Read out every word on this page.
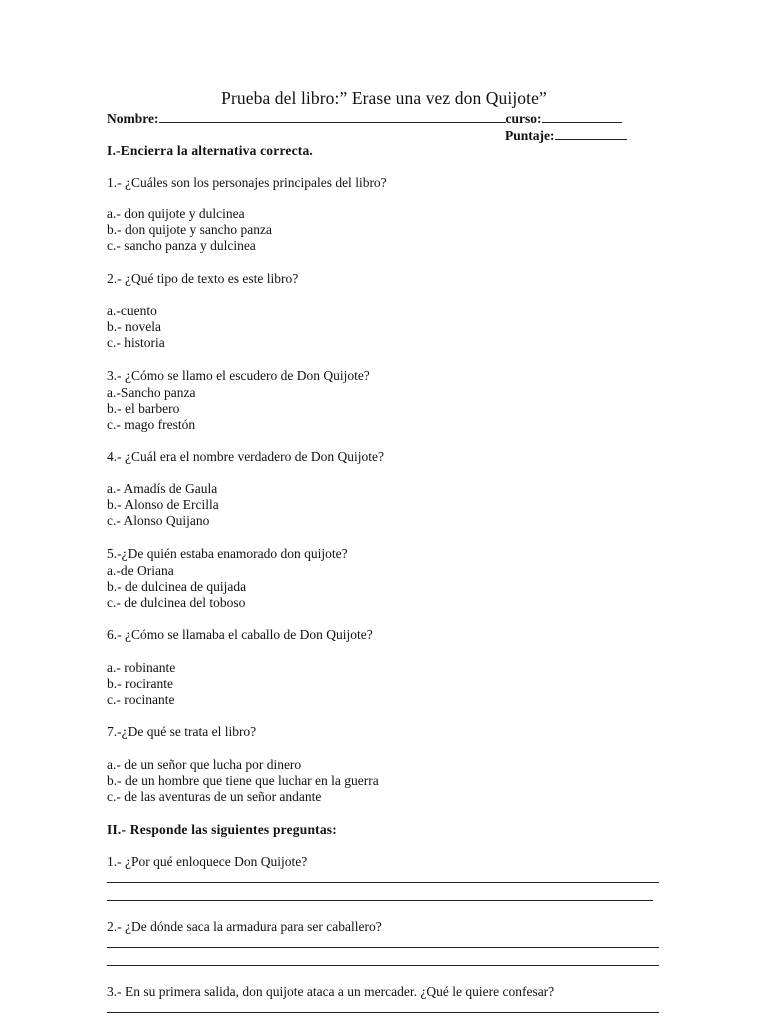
Prueba del libro:” Erase una vez don Quijote”
Nombre:	curso:
Puntaje:
I.-Encierra la alternativa correcta.
1.- ¿Cuáles son los personajes principales del libro?
a.- don quijote y dulcinea
b.- don quijote y sancho panza
c.- sancho panza y dulcinea
2.- ¿Qué tipo de texto es este libro?
a.-cuento
b.- novela
c.- historia
3.- ¿Cómo se llamo el escudero de Don Quijote?
a.-Sancho panza
b.- el barbero
c.- mago frestón
4.- ¿Cuál era el nombre verdadero de Don Quijote?
a.- Amadís de Gaula
b.- Alonso de Ercilla
c.- Alonso Quijano
5.-¿De quién estaba enamorado don quijote?
a.-de Oriana
b.- de dulcinea de quijada
c.- de dulcinea del toboso
6.- ¿Cómo se llamaba el caballo de Don Quijote?
a.- robinante
b.- rocirante
c.- rocinante
7.-¿De qué se trata el libro?
a.- de un señor que lucha por dinero
b.- de un hombre que tiene que luchar en la guerra
c.- de las aventuras de un señor andante
II.- Responde las siguientes preguntas:
1.- ¿Por qué enloquece Don Quijote?
2.- ¿De dónde saca la armadura para ser caballero?
3.- En su primera salida, don quijote ataca a un mercader. ¿Qué le quiere confesar?
